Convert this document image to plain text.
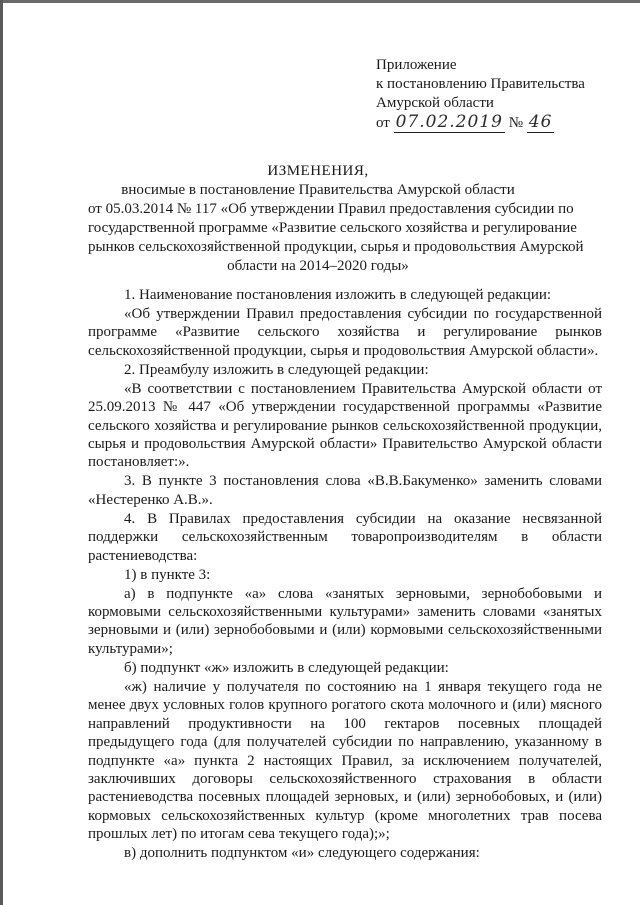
Приложение
к постановлению Правительства
Амурской области
от 07.02.2019 № 46
ИЗМЕНЕНИЯ,
вносимые в постановление Правительства Амурской области
от 05.03.2014 № 117 «Об утверждении Правил предоставления субсидии по
государственной программе «Развитие сельского хозяйства и регулирование
рынков сельскохозяйственной продукции, сырья и продовольствия Амурской
области на 2014–2020 годы»

1. Наименование постановления изложить в следующей редакции:

«Об утверждении Правил предоставления субсидии по государственной программе «Развитие сельского хозяйства и регулирование рынков сельскохозяйственной продукции, сырья и продовольствия Амурской области».

2. Преамбулу изложить в следующей редакции:

«В соответствии с постановлением Правительства Амурской области от 25.09.2013 № 447 «Об утверждении государственной программы «Развитие сельского хозяйства и регулирование рынков сельскохозяйственной продукции, сырья и продовольствия Амурской области» Правительство Амурской области постановляет:».

3. В пункте 3 постановления слова «В.В.Бакуменко» заменить словами «Нестеренко А.В.».

4. В Правилах предоставления субсидии на оказание несвязанной поддержки сельскохозяйственным товаропроизводителям в области растениеводства:

1) в пункте 3:

а) в подпункте «а» слова «занятых зерновыми, зернобобовыми и кормовыми сельскохозяйственными культурами» заменить словами «занятых зерновыми и (или) зернобобовыми и (или) кормовыми сельскохозяйственными культурами»;

б) подпункт «ж» изложить в следующей редакции:

«ж) наличие у получателя по состоянию на 1 января текущего года не менее двух условных голов крупного рогатого скота молочного и (или) мясного направлений продуктивности на 100 гектаров посевных площадей предыдущего года (для получателей субсидии по направлению, указанному в подпункте «а» пункта 2 настоящих Правил, за исключением получателей, заключивших договоры сельскохозяйственного страхования в области растениеводства посевных площадей зерновых, и (или) зернобобовых, и (или) кормовых сельскохозяйственных культур (кроме многолетних трав посева прошлых лет) по итогам сева текущего года);»;

в) дополнить подпунктом «и» следующего содержания:
